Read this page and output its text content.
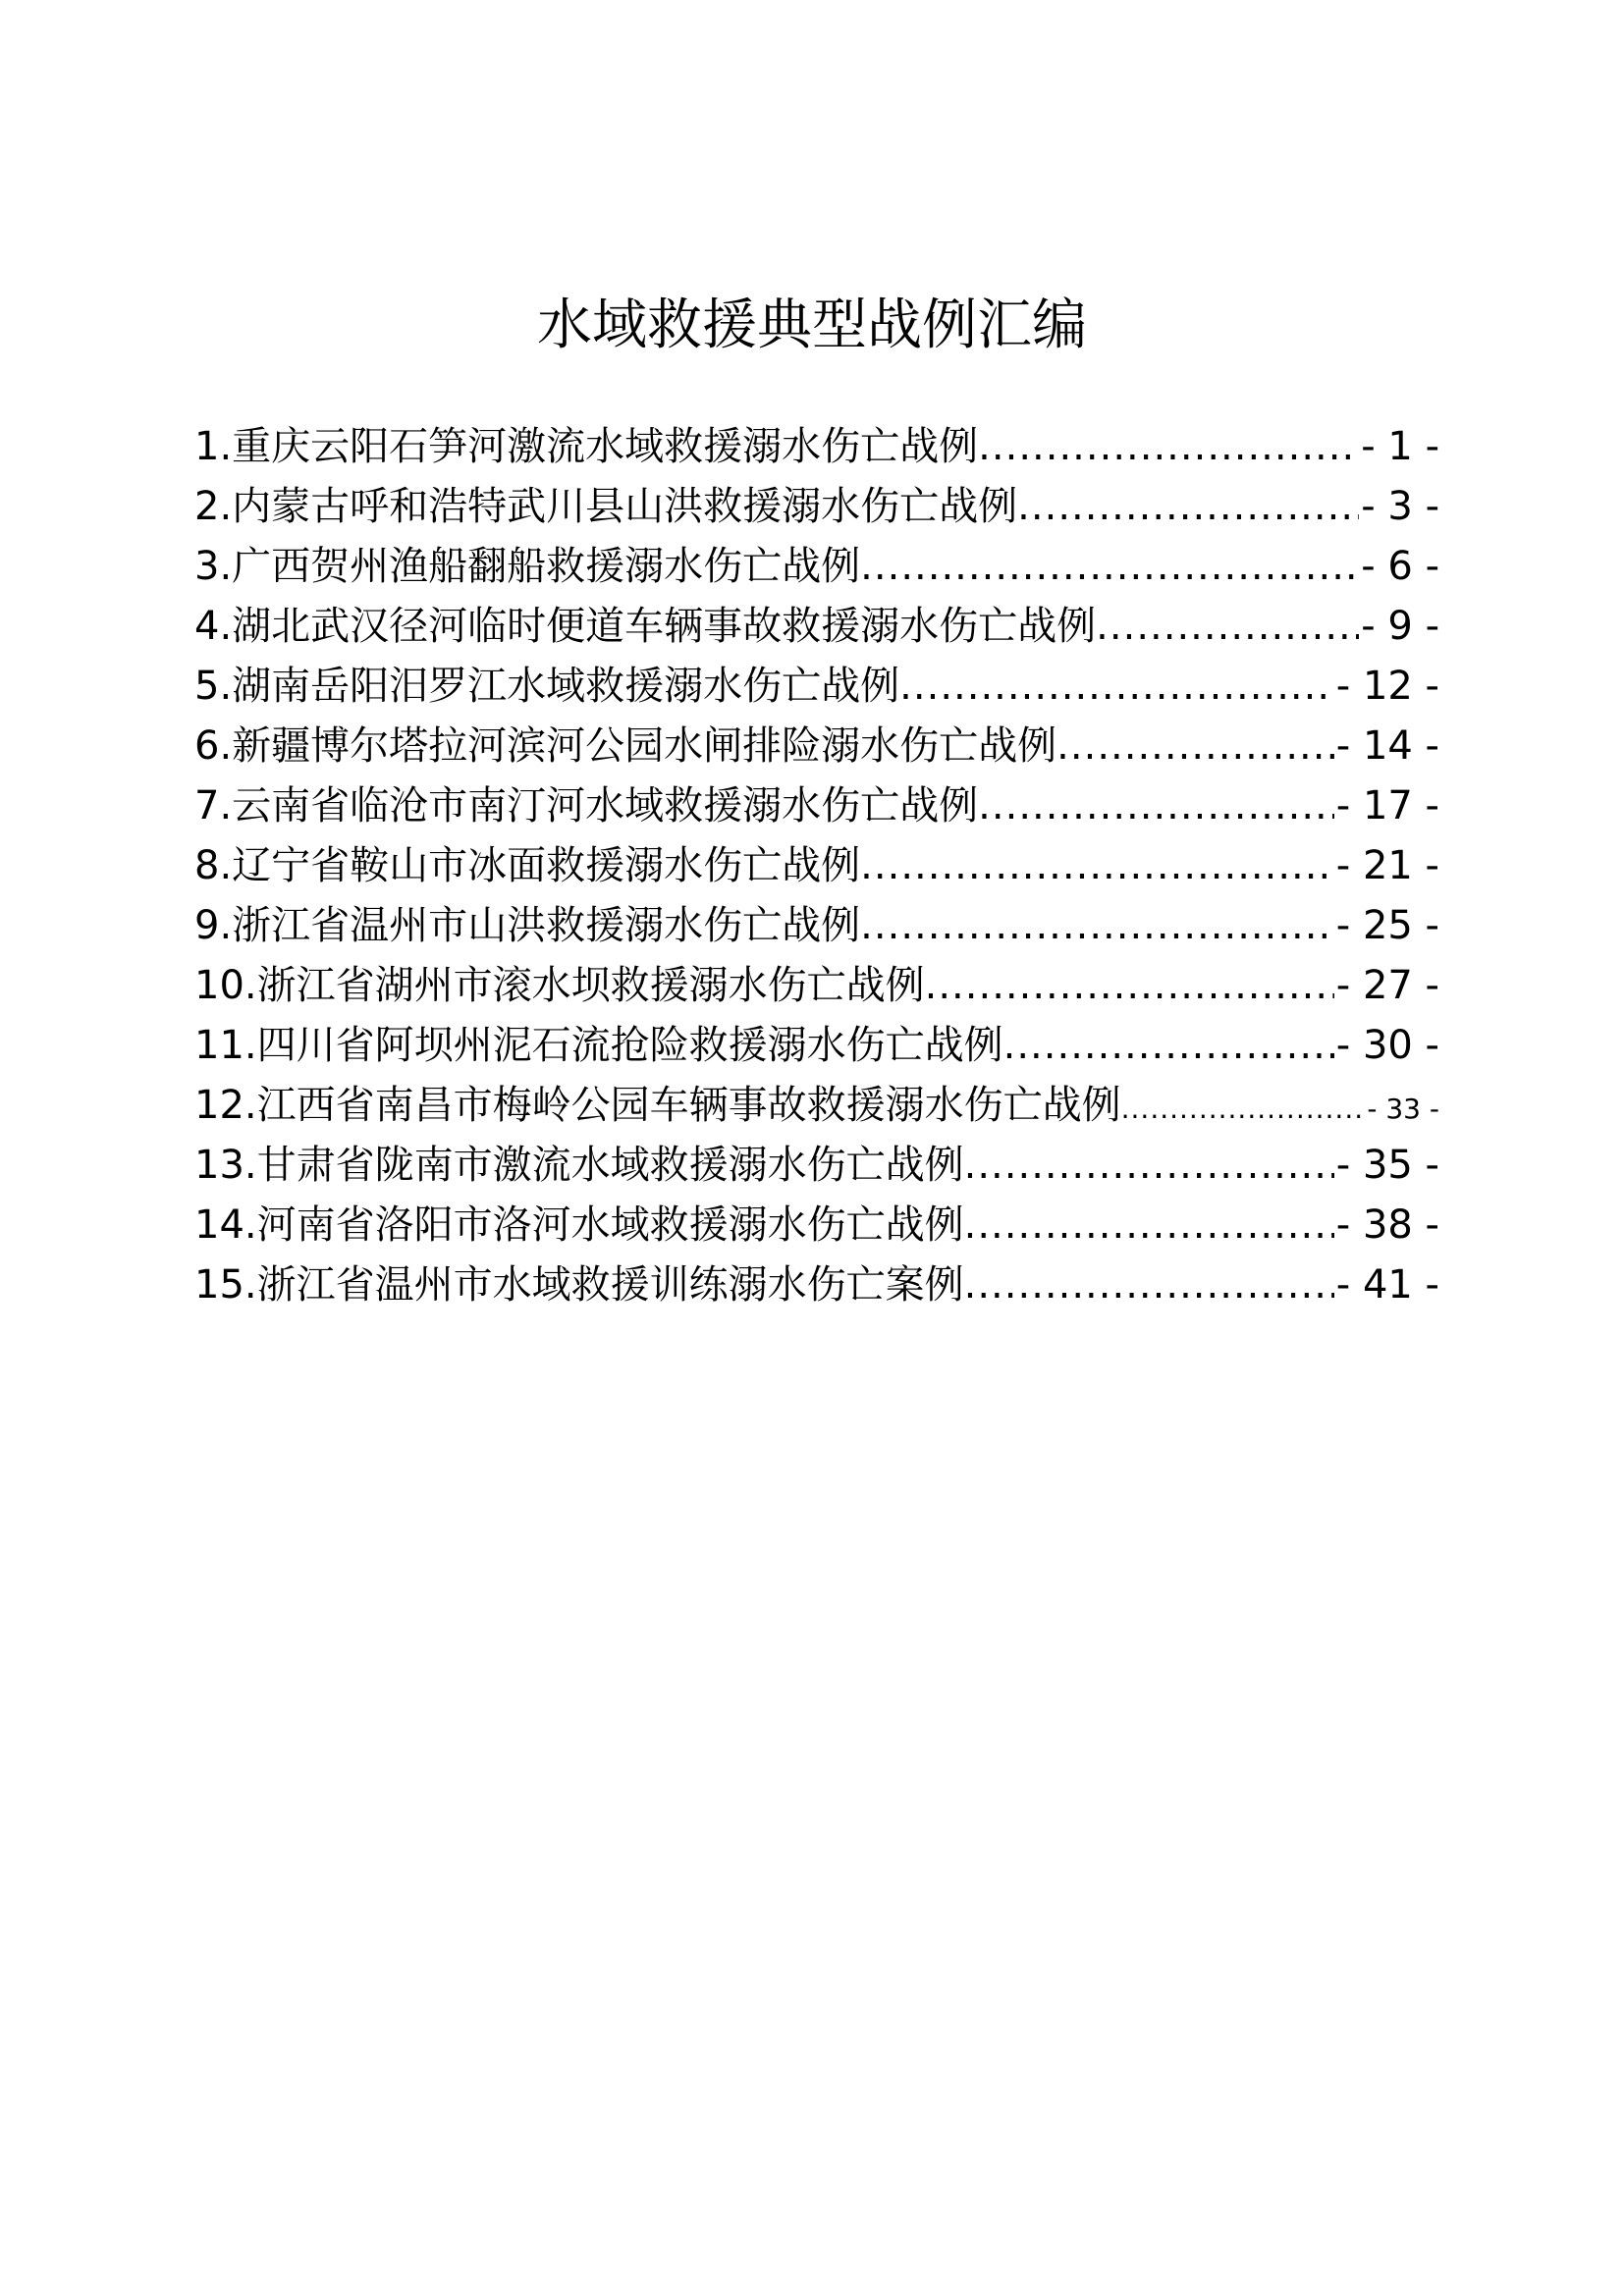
水域救援典型战例汇编
1.重庆云阳石笋河激流水域救援溺水伤亡战例 .....	- 1 -
2.内蒙古呼和浩特武川县山洪救援溺水伤亡战例 .....	- 3 -
3.广西贺州渔船翻船救援溺水伤亡战例 .....	- 6 -
4.湖北武汉径河临时便道车辆事故救援溺水伤亡战例 .....	- 9 -
5.湖南岳阳汨罗江水域救援溺水伤亡战例 .....	- 12 -
6.新疆博尔塔拉河滨河公园水闸排险溺水伤亡战例 .....	- 14 -
7.云南省临沧市南汀河水域救援溺水伤亡战例 .....	- 17 -
8.辽宁省鞍山市冰面救援溺水伤亡战例 .....	- 21 -
9.浙江省温州市山洪救援溺水伤亡战例 .....	- 25 -
10.浙江省湖州市滚水坝救援溺水伤亡战例 .....	- 27 -
11.四川省阿坝州泥石流抢险救援溺水伤亡战例 .....	- 30 -
12.江西省南昌市梅岭公园车辆事故救援溺水伤亡战例 .....	- 33 -
13.甘肃省陇南市激流水域救援溺水伤亡战例 .....	- 35 -
14.河南省洛阳市洛河水域救援溺水伤亡战例 .....	- 38 -
15.浙江省温州市水域救援训练溺水伤亡案例 .....	- 41 -
